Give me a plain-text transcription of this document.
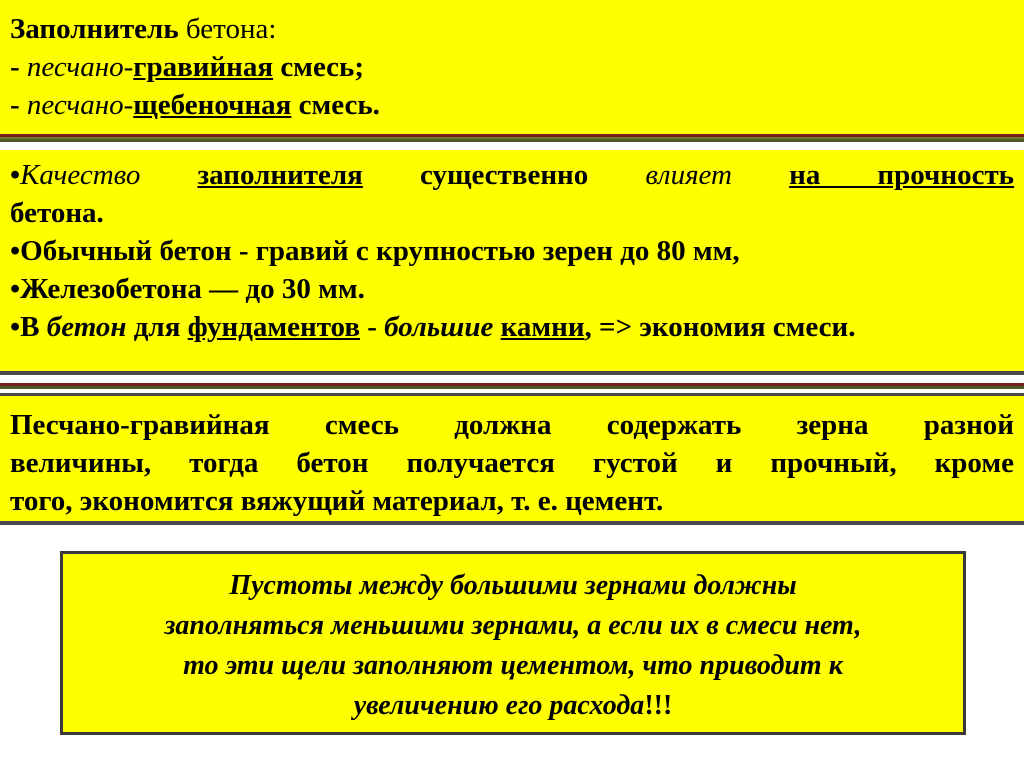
Заполнитель бетона:
- песчано-гравийная смесь;
- песчано-щебеночная смесь.
•Качество заполнителя существенно влияет на прочность
бетона.
•Обычный бетон - гравий с крупностью зерен до 80 мм,
•Железобетона — до 30 мм.
•В бетон для фундаментов - большие камни, => экономия смеси.
Песчано-гравийная смесь должна содержать зерна разной
величины, тогда бетон получается густой и прочный, кроме
того, экономится вяжущий материал, т. е. цемент.
Пустоты между большими зернами должны
заполняться меньшими зернами, а если их в смеси нет,
то эти щели заполняют цементом, что приводит к
увеличению его расхода!!!
